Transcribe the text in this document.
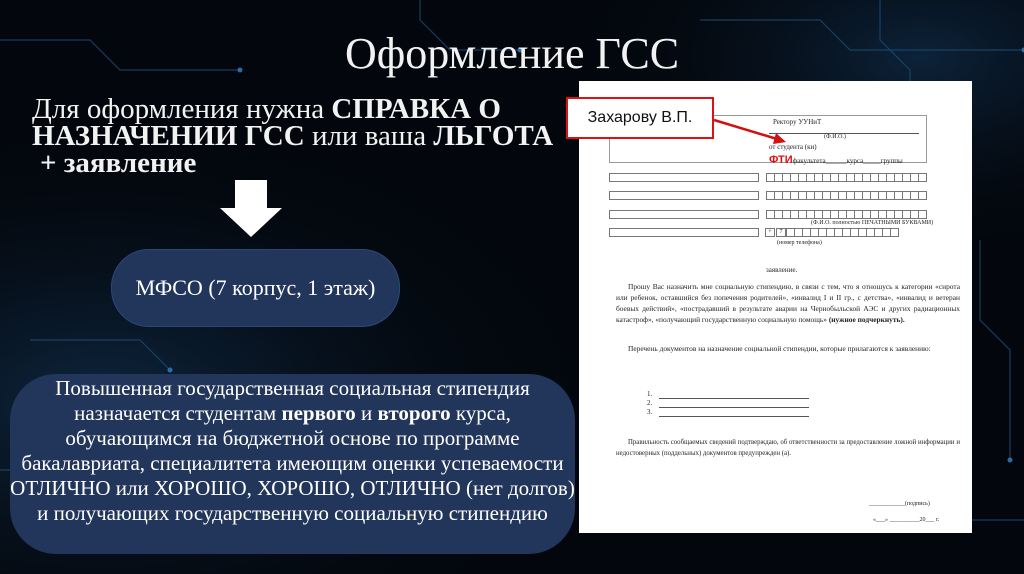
Оформление ГСС
Для оформления нужна СПРАВКА О НАЗНАЧЕНИИ ГСС или ваша ЛЬГОТА
+ заявление
МФСО (7 корпус, 1 этаж)
Повышенная государственная социальная стипендия назначается студентам первого и второго курса, обучающимся на бюджетной основе по программе бакалавриата, специалитета имеющим оценки успеваемости ОТЛИЧНО или ХОРОШО, ХОРОШО, ОТЛИЧНО (нет долгов) и получающих государственную социальную стипендию
Ректору УУНиТ
(Ф.И.О.)
от студента (ки)
ФТИфакультета______курса_____группы
(Ф.И.О. полностью ПЕЧАТНЫМИ БУКВАМИ)
+	7
(номер телефона)
заявление.
Прошу Вас назначить мне социальную стипендию, в связи с тем, что я отношусь к категории «сирота или ребенок, оставшийся без попечения родителей», «инвалид I и II гр., с детства», «инвалид и ветеран боевых действий», «пострадавший в результате аварии на Чернобыльской АЭС и других радиационных катастроф», «получающий государственную социальную помощь» (нужное подчеркнуть).
Перечень документов на назначение социальной стипендии, которые прилагаются к заявлению:
1.
2.
3.
Правильность сообщаемых сведений подтверждаю, об ответственности за предоставление ложной информации и недостоверных (поддельных) документов предупрежден (а).
____________(подпись)
«___» __________20___ г.
Захарову В.П.
